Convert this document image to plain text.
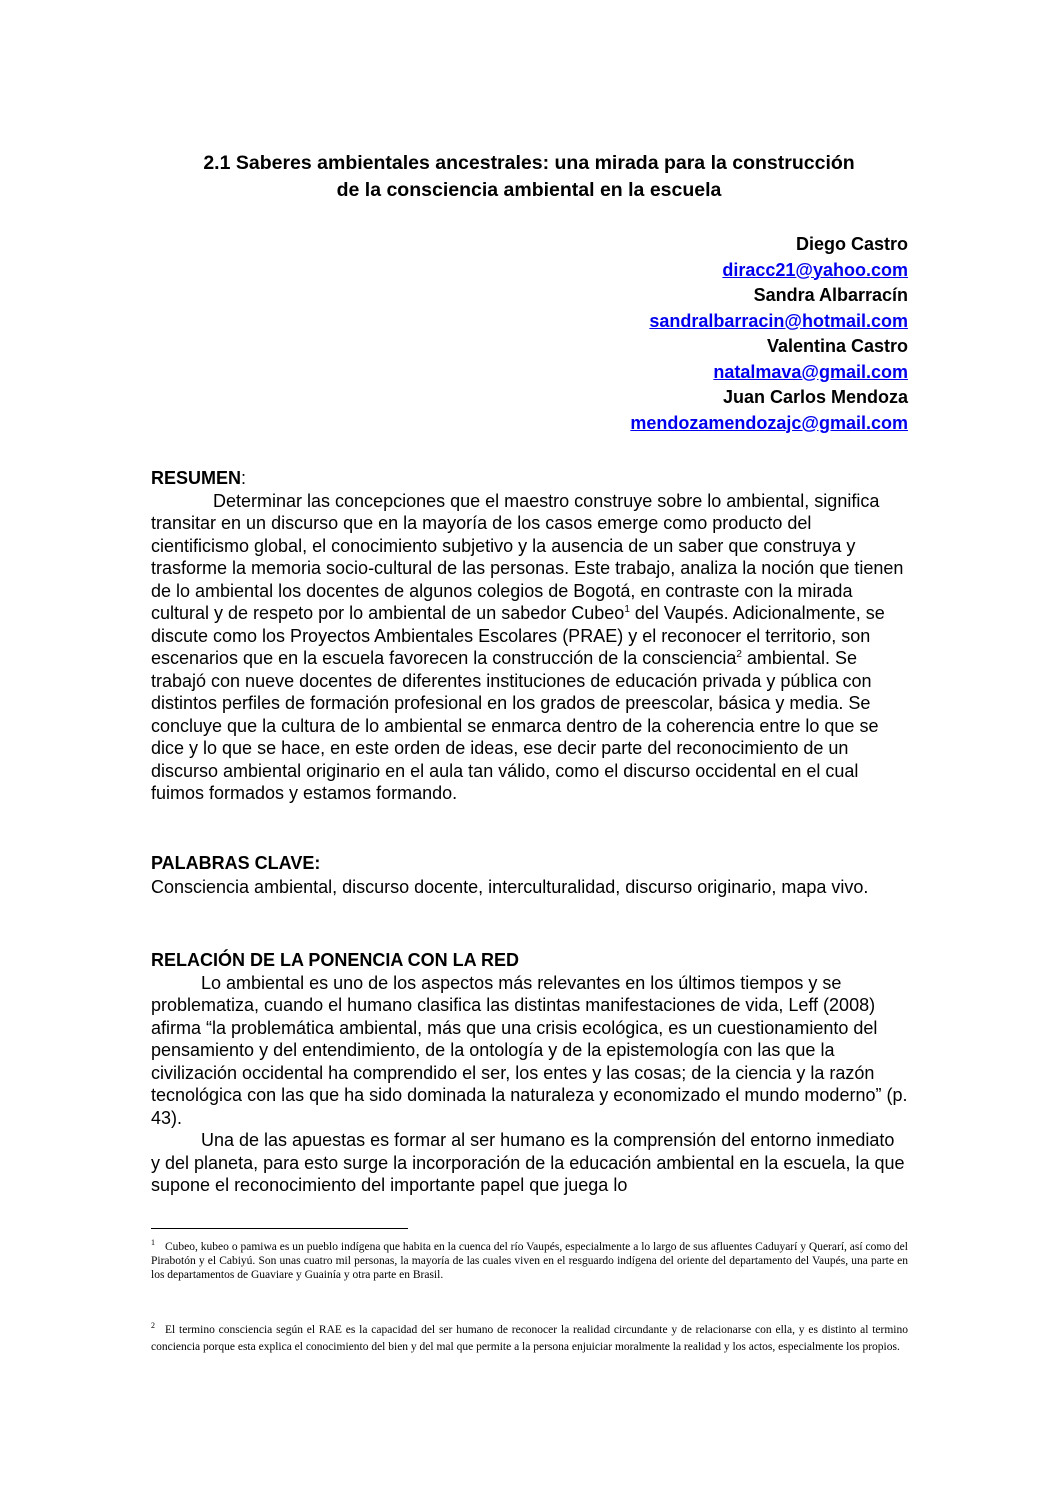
2.1 Saberes ambientales ancestrales: una mirada para la construcción
de la consciencia ambiental en la escuela
Diego Castro
diracc21@yahoo.com
Sandra Albarracín
sandralbarracin@hotmail.com
Valentina Castro
natalmava@gmail.com
Juan Carlos Mendoza
mendozamendozajc@gmail.com
RESUMEN:
Determinar las concepciones que el maestro construye sobre lo ambiental, significa transitar en un discurso que en la mayoría de los casos emerge como producto del cientificismo global, el conocimiento subjetivo y la ausencia de un saber que construya y trasforme la memoria socio-cultural de las personas. Este trabajo, analiza la noción que tienen de lo ambiental los docentes de algunos colegios de Bogotá, en contraste con la mirada cultural y de respeto por lo ambiental de un sabedor Cubeo$^1$ del Vaupés. Adicionalmente, se discute como los Proyectos Ambientales Escolares (PRAE) y el reconocer el territorio, son escenarios que en la escuela favorecen la construcción de la consciencia$^2$ ambiental. Se trabajó con nueve docentes de diferentes instituciones de educación privada y pública con distintos perfiles de formación profesional en los grados de preescolar, básica y media. Se concluye que la cultura de lo ambiental se enmarca dentro de la coherencia entre lo que se dice y lo que se hace, en este orden de ideas, ese decir parte del reconocimiento de un discurso ambiental originario en el aula tan válido, como el discurso occidental en el cual fuimos formados y estamos formando.
PALABRAS CLAVE:
Consciencia ambiental, discurso docente, interculturalidad, discurso originario, mapa vivo.
RELACIÓN DE LA PONENCIA CON LA RED
Lo ambiental es uno de los aspectos más relevantes en los últimos tiempos y se problematiza, cuando el humano clasifica las distintas manifestaciones de vida, Leff (2008) afirma “la problemática ambiental, más que una crisis ecológica, es un cuestionamiento del pensamiento y del entendimiento, de la ontología y de la epistemología con las que la civilización occidental ha comprendido el ser, los entes y las cosas; de la ciencia y la razón tecnológica con las que ha sido dominada la naturaleza y economizado el mundo moderno” (p. 43).
Una de las apuestas es formar al ser humano es la comprensión del entorno inmediato y del planeta, para esto surge la incorporación de la educación ambiental en la escuela, la que supone el reconocimiento del importante papel que juega lo
$^1$ Cubeo, kubeo o pamiwa es un pueblo indígena que habita en la cuenca del río Vaupés, especialmente a lo largo de sus afluentes Caduyarí y Querarí, así como del Pirabotón y el Cabiyú. Son unas cuatro mil personas, la mayoría de las cuales viven en el resguardo indígena del oriente del departamento del Vaupés, una parte en los departamentos de Guaviare y Guainía y otra parte en Brasil.
$^2$ El termino consciencia según el RAE es la capacidad del ser humano de reconocer la realidad circundante y de relacionarse con ella, y es distinto al termino conciencia porque esta explica el conocimiento del bien y del mal que permite a la persona enjuiciar moralmente la realidad y los actos, especialmente los propios.
